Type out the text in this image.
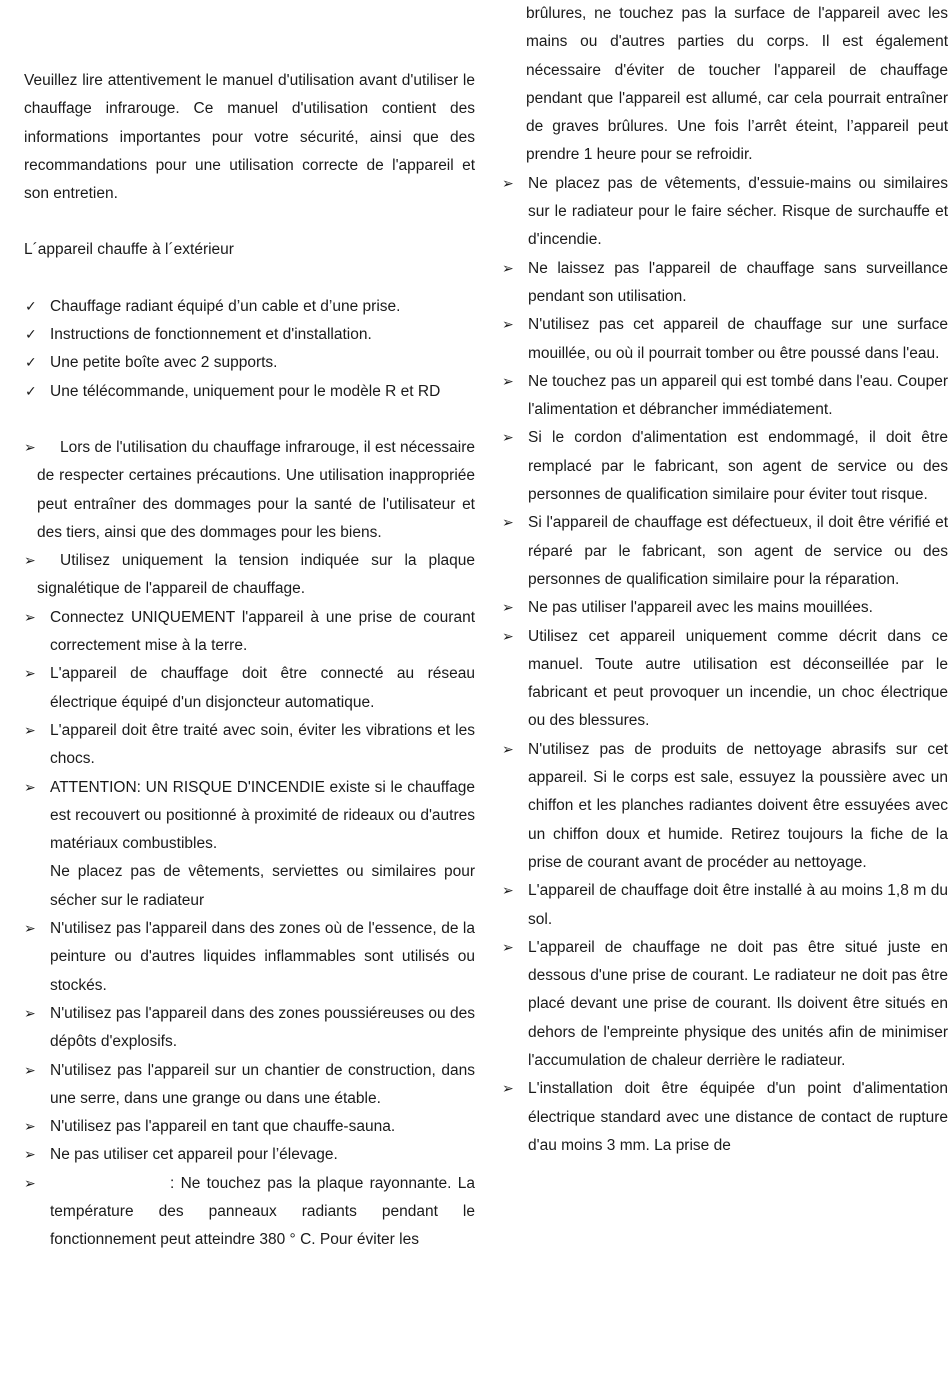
Veuillez lire attentivement le manuel d'utilisation avant d'utiliser le chauffage infrarouge. Ce manuel d'utilisation contient des informations importantes pour votre sécurité, ainsi que des recommandations pour une utilisation correcte de l'appareil et son entretien.

L´appareil chauffe à l´extérieur

✓ Chauffage radiant équipé d’un cable et d’une prise.
✓ Instructions de fonctionnement et d'installation.
✓ Une petite boîte avec 2 supports.
✓ Une télécommande, uniquement pour le modèle R et RD
➢ Lors de l'utilisation du chauffage infrarouge, il est nécessaire de respecter certaines précautions. Une utilisation inappropriée peut entraîner des dommages pour la santé de l'utilisateur et des tiers, ainsi que des dommages pour les biens.
➢ Utilisez uniquement la tension indiquée sur la plaque signalétique de l'appareil de chauffage.
➢ Connectez UNIQUEMENT l'appareil à une prise de courant correctement mise à la terre.
➢ L'appareil de chauffage doit être connecté au réseau électrique équipé d'un disjoncteur automatique.
➢ L'appareil doit être traité avec soin, éviter les vibrations et les chocs.
➢ ATTENTION: UN RISQUE D'INCENDIE existe si le chauffage est recouvert ou positionné à proximité de rideaux ou d'autres matériaux combustibles.
Ne placez pas de vêtements, serviettes ou similaires pour sécher sur le radiateur
➢ N'utilisez pas l'appareil dans des zones où de l'essence, de la peinture ou d'autres liquides inflammables sont utilisés ou stockés.
➢ N'utilisez pas l'appareil dans des zones poussiéreuses ou des dépôts d'explosifs.
➢ N'utilisez pas l'appareil sur un chantier de construction, dans une serre, dans une grange ou dans une étable.
➢ N'utilisez pas l'appareil en tant que chauffe-sauna.
➢ Ne pas utiliser cet appareil pour l’élevage.
➢ : Ne touchez pas la plaque rayonnante. La température des panneaux radiants pendant le fonctionnement peut atteindre 380 ° C. Pour éviter les

brûlures, ne touchez pas la surface de l'appareil avec les mains ou d'autres parties du corps. Il est également nécessaire d'éviter de toucher l'appareil de chauffage pendant que l'appareil est allumé, car cela pourrait entraîner de graves brûlures. Une fois l’arrêt éteint, l’appareil peut prendre 1 heure pour se refroidir.

➢ Ne placez pas de vêtements, d'essuie-mains ou similaires sur le radiateur pour le faire sécher. Risque de surchauffe et d'incendie.
➢ Ne laissez pas l'appareil de chauffage sans surveillance pendant son utilisation.
➢ N'utilisez pas cet appareil de chauffage sur une surface mouillée, ou où il pourrait tomber ou être poussé dans l'eau.
➢ Ne touchez pas un appareil qui est tombé dans l'eau. Couper l'alimentation et débrancher immédiatement.
➢ Si le cordon d'alimentation est endommagé, il doit être remplacé par le fabricant, son agent de service ou des personnes de qualification similaire pour éviter tout risque.
➢ Si l'appareil de chauffage est défectueux, il doit être vérifié et réparé par le fabricant, son agent de service ou des personnes de qualification similaire pour la réparation.
➢ Ne pas utiliser l'appareil avec les mains mouillées.
➢ Utilisez cet appareil uniquement comme décrit dans ce manuel. Toute autre utilisation est déconseillée par le fabricant et peut provoquer un incendie, un choc électrique ou des blessures.
➢ N'utilisez pas de produits de nettoyage abrasifs sur cet appareil. Si le corps est sale, essuyez la poussière avec un chiffon et les planches radiantes doivent être essuyées avec un chiffon doux et humide. Retirez toujours la fiche de la prise de courant avant de procéder au nettoyage.
➢ L'appareil de chauffage doit être installé à au moins 1,8 m du sol.
➢ L'appareil de chauffage ne doit pas être situé juste en dessous d'une prise de courant. Le radiateur ne doit pas être placé devant une prise de courant. Ils doivent être situés en dehors de l'empreinte physique des unités afin de minimiser l'accumulation de chaleur derrière le radiateur.
➢ L'installation doit être équipée d'un point d'alimentation électrique standard avec une distance de contact de rupture d'au moins 3 mm. La prise de
